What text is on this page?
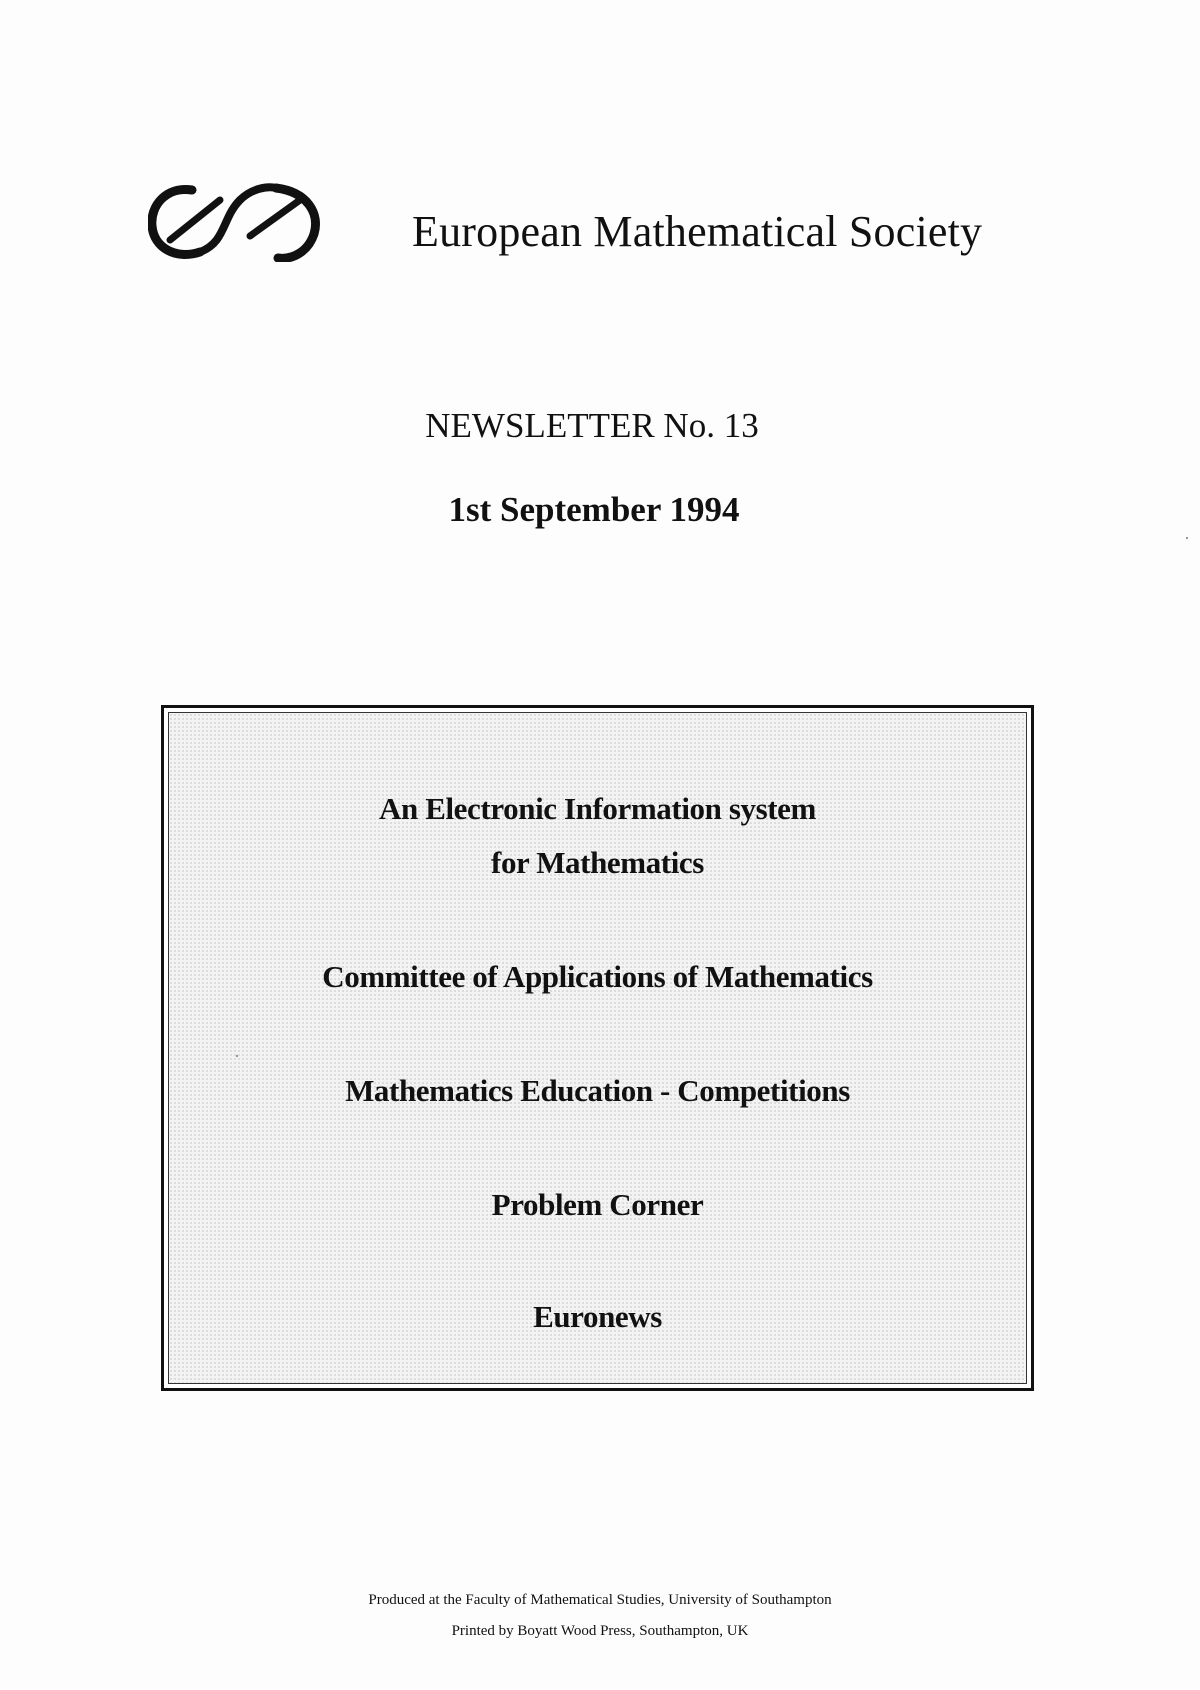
European Mathematical Society
NEWSLETTER No. 13
1st September 1994
An Electronic Information system
for Mathematics
Committee of Applications of Mathematics
Mathematics Education - Competitions
Problem Corner
Euronews
Produced at the Faculty of Mathematical Studies, University of Southampton
Printed by Boyatt Wood Press, Southampton, UK
